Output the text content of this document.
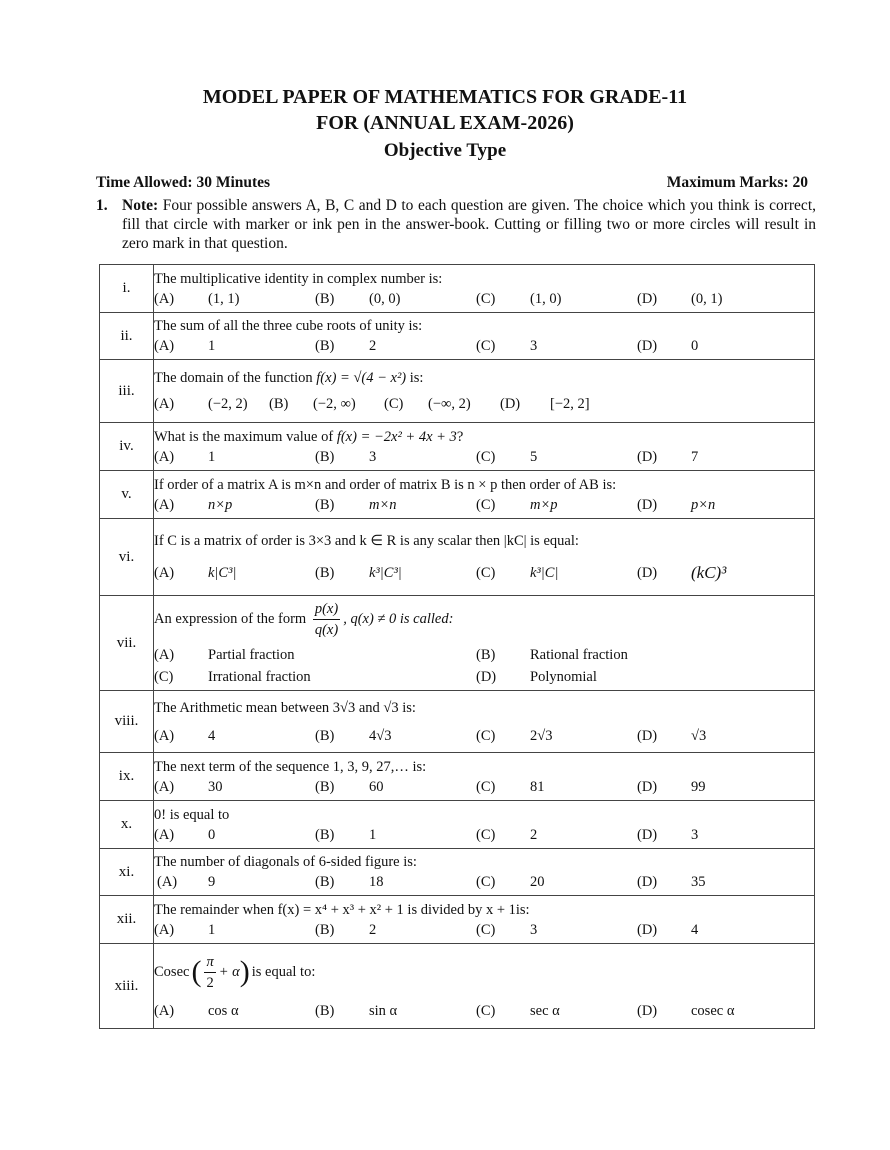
MODEL PAPER OF MATHEMATICS FOR GRADE-11
FOR (ANNUAL EXAM-2026)
Objective Type
Time Allowed: 30 Minutes	Maximum Marks: 20
1. Note: Four possible answers A, B, C and D to each question are given. The choice which you think is correct, fill that circle with marker or ink pen in the answer-book. Cutting or filling two or more circles will result in zero mark in that question.
i.	
The multiplicative identity in complex number is:
(A)	(1, 1)	(B)	(0, 0)	(C)	(1, 0)	(D)	(0, 1)

ii.	
The sum of all the three cube roots of unity is:
(A)	1	(B)	2	(C)	3	(D)	0

iii.	
The domain of the function f(x) = √(4 − x²) is:
(A)	(−2, 2) (B)	(−2, ∞) (C)	(−∞, 2) (D)	[−2, 2]

iv.	
What is the maximum value of f(x) = −2x² + 4x + 3?
(A)	1	(B)	3	(C)	5	(D)	7

v.	
If order of a matrix A is m×n and order of matrix B is n × p then order of AB is:
(A)	n×p	(B)	m×n	(C)	m×p	(D)	p×n

vi.	
If C is a matrix of order is 3×3 and k ∈ R is any scalar then |kC| is equal:
(A)	k|C³|	(B)	k³|C³|	(C)	k³|C|	(D)	(kC)³

vii.	
An expression of the form $\frac{p(x)}{q(x)}$ , q(x) ≠ 0 is called:
(A)	Partial fraction	(B)	Rational fraction
(C)	Irrational fraction	(D)	Polynomial

viii.	
The Arithmetic mean between 3√3 and √3 is:
(A)	4	(B)	4√3	(C)	2√3	(D)	√3

ix.	
The next term of the sequence 1, 3, 9, 27,… is:
(A)	30	(B)	60	(C)	81	(D)	99

x.	
0! is equal to
(A)	0	(B)	1	(C)	2	(D)	3

xi.	
The number of diagonals of 6-sided figure is:
(A)	9	(B)	18	(C)	20	(D)	35

xii.	
The remainder when f(x) = x⁴ + x³ + x² + 1 is divided by x + 1is:
(A)	1	(B)	2	(C)	3	(D)	4

xiii.	
Cosec ( $\frac{\pi}{2} + \alpha$ ) is equal to:
(A)	cos α	(B)	sin α	(C)	sec α	(D)	cosec α
